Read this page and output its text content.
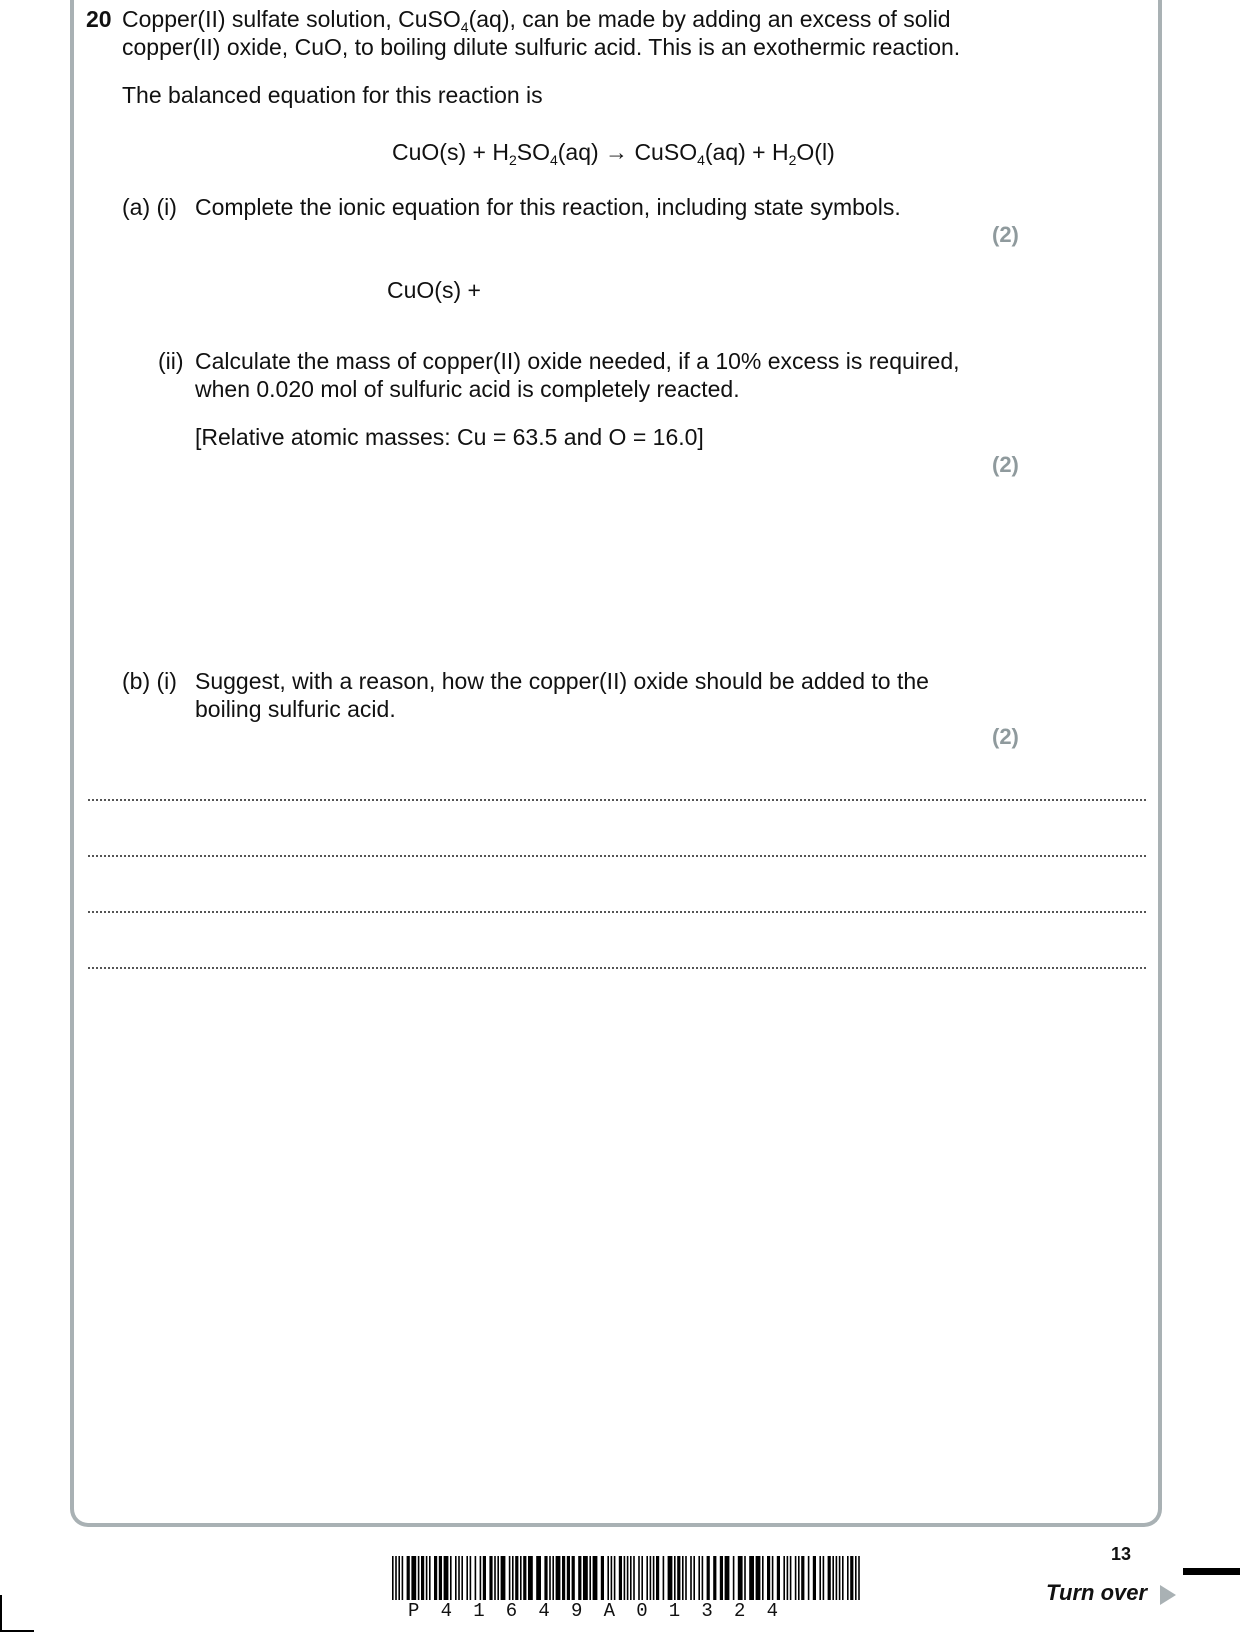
20 Copper(II) sulfate solution, CuSO$_4$(aq), can be made by adding an excess of solid
copper(II) oxide, CuO, to boiling dilute sulfuric acid. This is an exothermic reaction.
The balanced equation for this reaction is
$CuO(s) + H_2SO_4(aq)$ → CuSO$_4$(aq) + $H_2O(l)$
(a) (i) Complete the ionic equation for this reaction, including state symbols.
(2)
CuO(s) +
(ii) Calculate the mass of copper(II) oxide needed, if a 10% excess is required,
when 0.020 mol of sulfuric acid is completely reacted.
[Relative atomic masses: Cu = 63.5 and O = 16.0]
(2)
(b) (i) Suggest, with a reason, how the copper(II) oxide should be added to the
boiling sulfuric acid.
(2)
P 4 1 6 4 9 A 0 1 3 2 4
13
Turn over
